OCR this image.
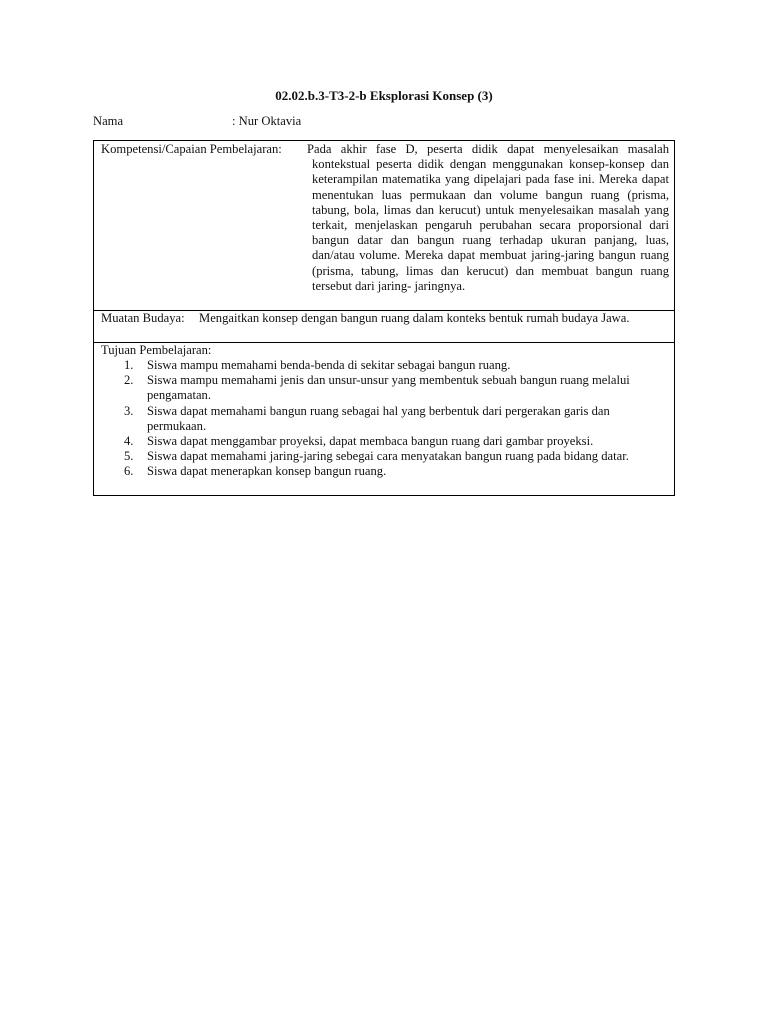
02.02.b.3-T3-2-b Eksplorasi Konsep (3)
Nama	: Nur Oktavia
Kompetensi/Capaian Pembelajaran: Pada akhir fase D, peserta didik dapat menyelesaikan masalah kontekstual peserta didik dengan menggunakan konsep-konsep dan keterampilan matematika yang dipelajari pada fase ini. Mereka dapat menentukan luas permukaan dan volume bangun ruang (prisma, tabung, bola, limas dan kerucut) untuk menyelesaikan masalah yang terkait, menjelaskan pengaruh perubahan secara proporsional dari bangun datar dan bangun ruang terhadap ukuran panjang, luas, dan/atau volume. Mereka dapat membuat jaring-jaring bangun ruang (prisma, tabung, limas dan kerucut) dan membuat bangun ruang tersebut dari jaring- jaringnya.
Muatan Budaya: Mengaitkan konsep dengan bangun ruang dalam konteks bentuk rumah budaya Jawa.
Tujuan Pembelajaran:
1. Siswa mampu memahami benda-benda di sekitar sebagai bangun ruang.
2. Siswa mampu memahami jenis dan unsur-unsur yang membentuk sebuah bangun ruang melalui pengamatan.
3. Siswa dapat memahami bangun ruang sebagai hal yang berbentuk dari pergerakan garis dan permukaan.
4. Siswa dapat menggambar proyeksi, dapat membaca bangun ruang dari gambar proyeksi.
5. Siswa dapat memahami jaring-jaring sebegai cara menyatakan bangun ruang pada bidang datar.
6. Siswa dapat menerapkan konsep bangun ruang.
